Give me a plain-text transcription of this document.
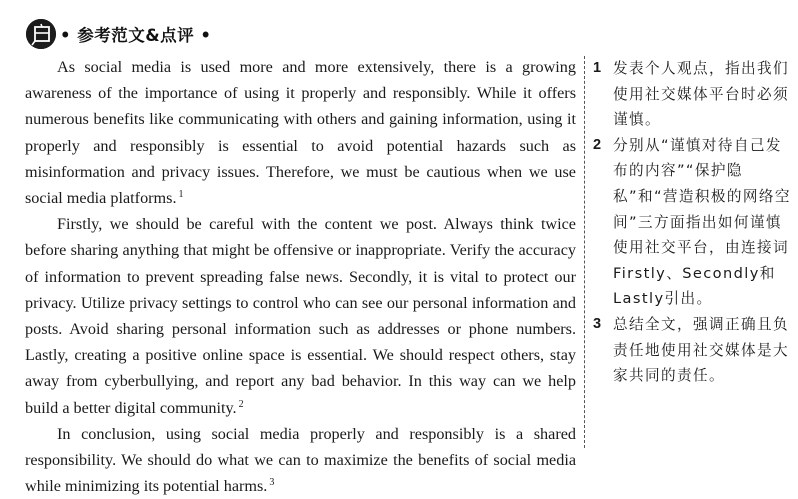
• 参考范文&点评 •

As social media is used more and more extensively, there is a growing awareness of the importance of using it properly and responsibly. While it offers numerous benefits like communicating with others and gaining information, using it properly and responsibly is essential to avoid potential hazards such as misinformation and privacy issues. Therefore, we must be cautious when we use social media platforms. $^1$

Firstly, we should be careful with the content we post. Always think twice before sharing anything that might be offensive or inappropriate. Verify the accuracy of information to prevent spreading false news. Secondly, it is vital to protect our privacy. Utilize privacy settings to control who can see our personal information and posts. Avoid sharing personal information such as addresses or phone numbers. Lastly, creating a positive online space is essential. We should respect others, stay away from cyberbullying, and report any bad behavior. In this way can we help build a better digital community. $^2$

In conclusion, using social media properly and responsibly is a shared responsibility. We should do what we can to maximize the benefits of social media while minimizing its potential harms. $^3$

1 发表个人观点，指出我们使用社交媒体平台时必须谨慎。
2 分别从“谨慎对待自己发布的内容”“保护隐私”和“营造积极的网络空间”三方面指出如何谨慎使用社交平台，由连接词Firstly、Secondly和Lastly引出。
3 总结全文，强调正确且负责任地使用社交媒体是大家共同的责任。
